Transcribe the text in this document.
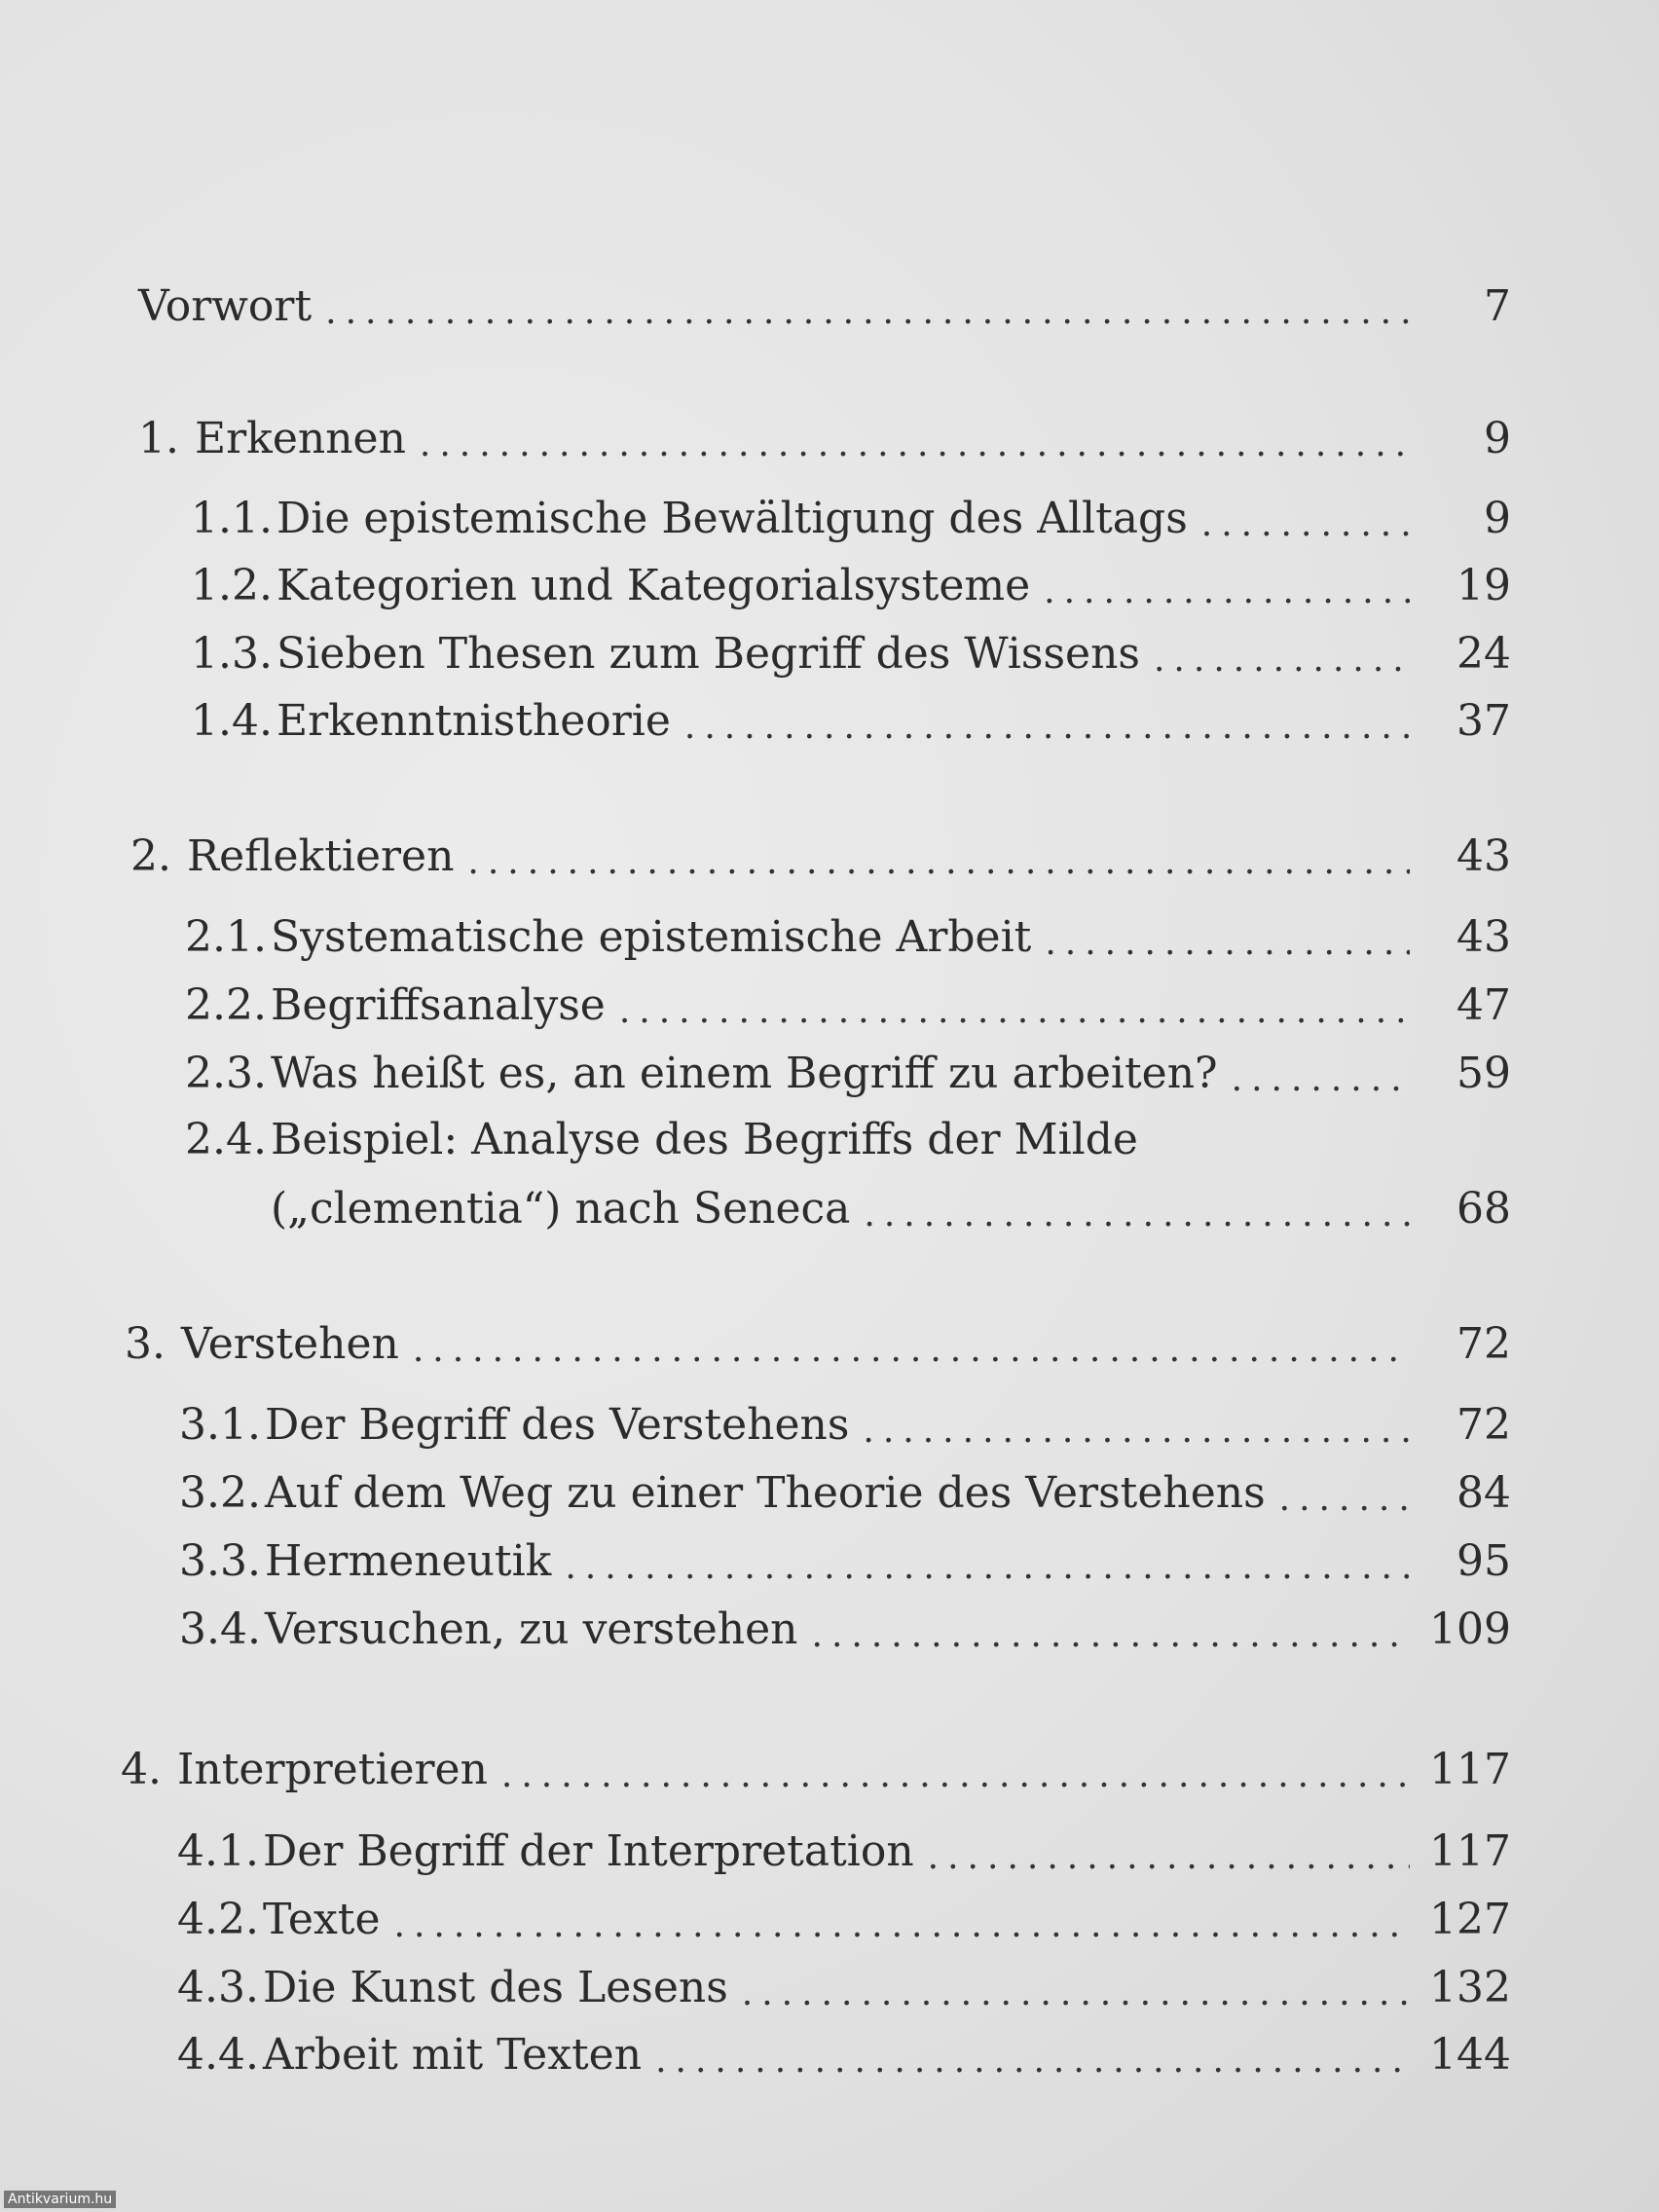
Vorwort .....	7
1. Erkennen .....	9
1.1. Die epistemische Bewältigung des Alltags .....	9
1.2. Kategorien und Kategorialsysteme .....	19
1.3. Sieben Thesen zum Begriff des Wissens .....	24
1.4. Erkenntnistheorie .....	37
2. Reflektieren .....	43
2.1. Systematische epistemische Arbeit .....	43
2.2. Begriffsanalyse .....	47
2.3. Was heißt es, an einem Begriff zu arbeiten? .....	59
2.4.Beispiel: Analyse des Begriffs der Milde
(„clementia“) nach Seneca .....	68
3. Verstehen .....	72
3.1. Der Begriff des Verstehens .....	72
3.2. Auf dem Weg zu einer Theorie des Verstehens .....	84
3.3. Hermeneutik .....	95
3.4. Versuchen, zu verstehen .....	109
4. Interpretieren .....	117
4.1. Der Begriff der Interpretation .....	117
4.2. Texte .....	127
4.3. Die Kunst des Lesens .....	132
4.4. Arbeit mit Texten .....	144
Antikvarium.hu
